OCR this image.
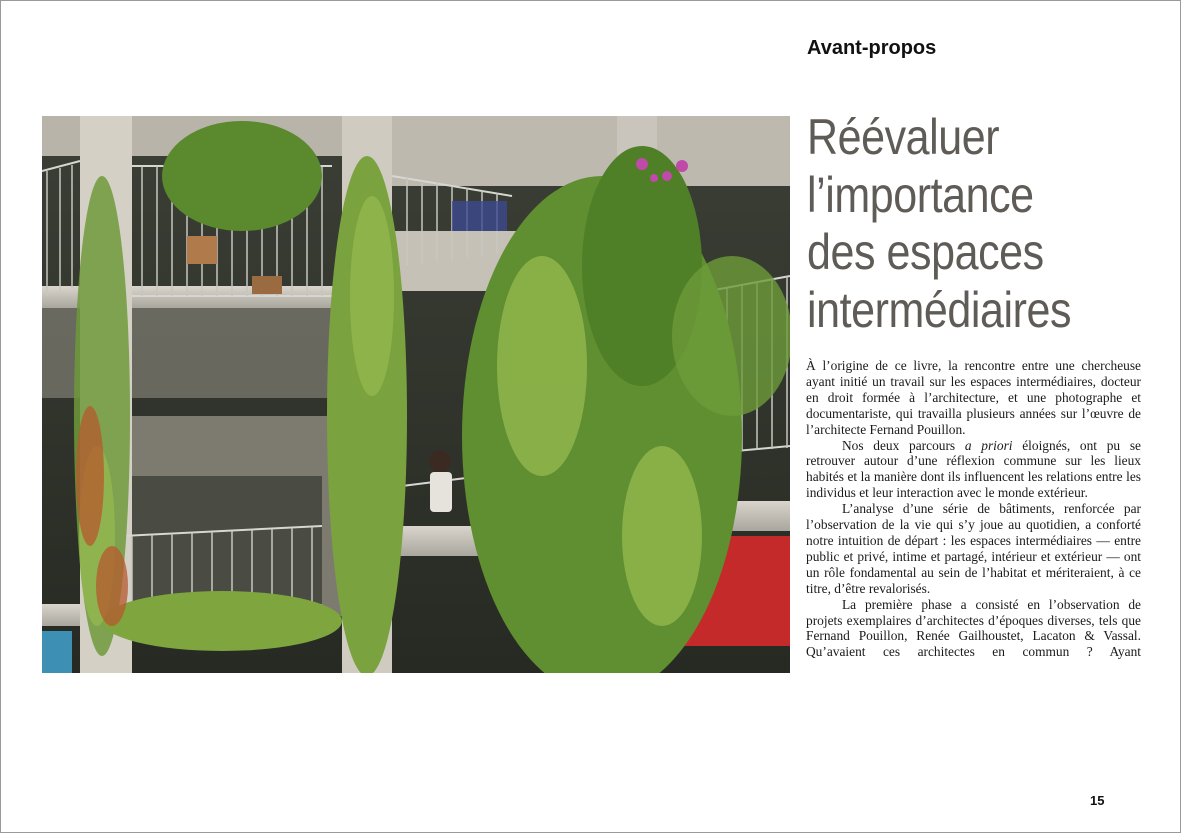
Avant-propos
Réévaluer
l’importance
des espaces
intermédiaires

À l’origine de ce livre, la rencontre entre une chercheuse ayant initié un travail sur les espaces intermédiaires, docteur en droit formée à l’architecture, et une photographe et documentariste, qui travailla plusieurs années sur l’œuvre de l’architecte Fernand Pouillon.

Nos deux parcours a priori éloignés, ont pu se retrouver autour d’une réflexion commune sur les lieux habités et la manière dont ils influencent les relations entre les individus et leur interaction avec le monde extérieur.

L’analyse d’une série de bâtiments, renforcée par l’observation de la vie qui s’y joue au quotidien, a conforté notre intuition de départ : les espaces intermédiaires — entre public et privé, intime et partagé, intérieur et extérieur — ont un rôle fondamental au sein de l’habitat et mériteraient, à ce titre, d’être revalorisés.

La première phase a consisté en l’observation de projets exemplaires d’architectes d’époques diverses, tels que Fernand Pouillon, Renée Gailhoustet, Lacaton & Vassal. Qu’avaient ces architectes en commun ? Ayant

15
